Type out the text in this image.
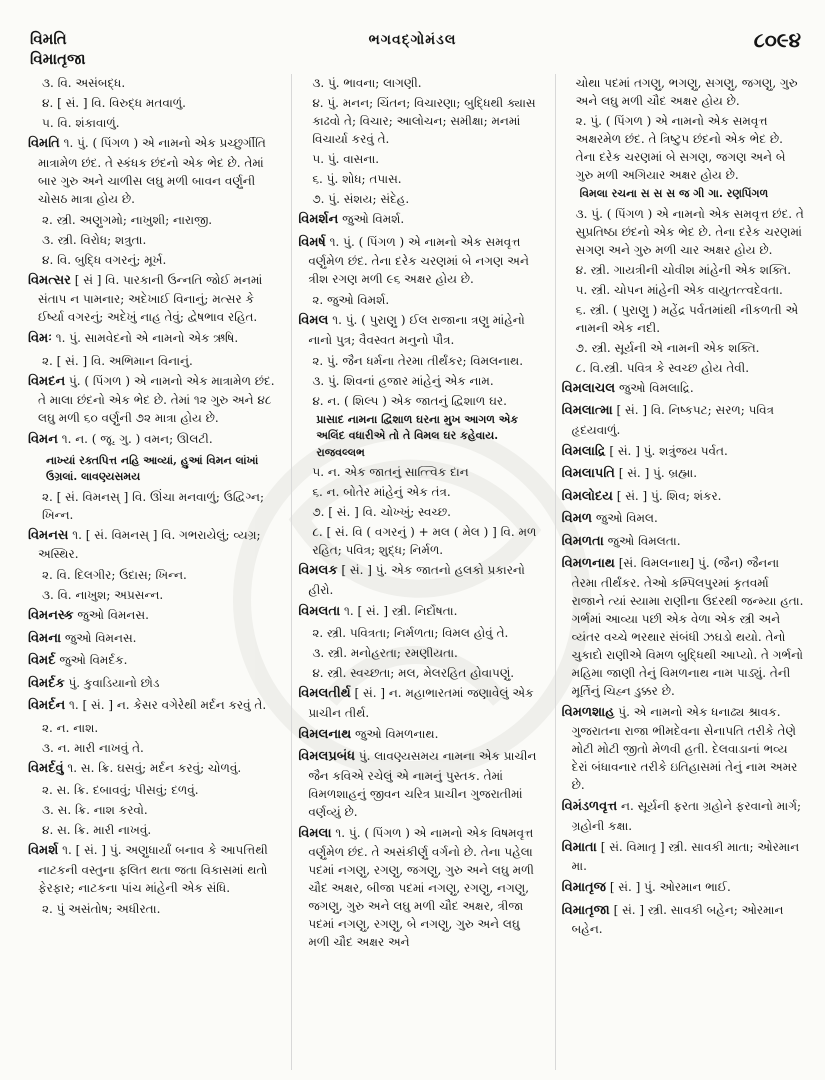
વિમતિ
વિમાતૃજા
ભગવદ્ગોમંડલ	૮૦૯૪
૩. વિ. અસંબદ્ધ.
૪. [ સં. ] વિ. વિરુદ્ધ મતવાળું.
૫. વિ. શંકાવાળું.
વિમતિ ૧. પું. ( પિંગળ ) એ નામનો એક પ્રચ્છુર્ગીતિ માત્રામેળ છંદ. તે સ્કંધક છંદનો એક ભેદ છે. તેમાં બાર ગુરુ અને ચાળીસ લઘુ મળી બાવન વર્ણુની ચોસઠ માત્રા હોય છે.
૨. સ્ત્રી. અણુગમો; નાખુશી; નારાજી.
૩. સ્ત્રી. વિરોધ; શત્રુતા.
૪. વિ. બુદ્ધિ વગરનું; મૂર્ખ.
વિમત્સર [ સં ] વિ. પારકાની ઉન્નતિ જોઈ મનમાં સંતાપ ન પામનાર; અદેખાઈ વિનાનું; મત્સર કે ઈર્ષ્યા વગરનું; અદેખું નાહ તેવું; દ્વેષભાવ રહિત.
વિમઃ ૧. પું. સામવેદનો એ નામનો એક ઋષિ.
૨. [ સં. ] વિ. અભિમાન વિનાનું.
વિમદન પું. ( પિંગળ ) એ નામનો એક માત્રામેળ છંદ. તે માલા છંદનો એક ભેદ છે. તેમાં ૧૨ ગુરુ અને ૪૮ લઘુ મળી ૬૦ વર્ણુની ૭૨ માત્રા હોય છે.
વિમન ૧. ન. ( જૂ. ગુ. ) વમન; ઊલટી.
નાખ્યાં રક્તપિત્ત નહિ આવ્યાં, હુઆં વિમન લાંખાં ઉગ્રલાં. લાવણ્યસમય
૨. [ સં. વિમનસ્ ] વિ. ઊંચા મનવાળું; ઉદ્વિગ્ન; ખિન્ન.
વિમનસ ૧. [ સં. વિમનસ્ ] વિ. ગભરાયેલું; વ્યગ્ર; અસ્થિર.
૨. વિ. દિલગીર; ઉદાસ; ખિન્ન.
૩. વિ. નાખુશ; અપ્રસન્ન.
વિમનસ્ક જુઓ વિમનસ.
વિમના જુઓ વિમનસ.
વિમર્દ જુઓ વિમર્દક.
વિમર્દક પું. કુવાડિયાનો છોડ
વિમર્દન ૧. [ સં. ] ન. કેસર વગેરેથી મર્દન કરવું તે.
૨. ન. નાશ.
૩. ન. મારી નાખવું તે.
વિમર્દવું ૧. સ. ક્રિ. ઘસવું; મર્દન કરવું; ચોળવું.
૨. સ. ક્રિ. દબાવવું; પીસવું; દળવું.
૩. સ. ક્રિ. નાશ કરવો.
૪. સ. ક્રિ. મારી નાખવું.
વિમર્શ ૧. [ સં. ] પું. અણુધાર્યાં બનાવ કે આપત્તિથી નાટકની વસ્તુના ફલિત થતા જતા વિકાસમાં થતો ફેરફાર; નાટકના પાંચ માંહેની એક સંધિ.
૨. પું અસંતોષ; અધીરતા.
૩. પું. ભાવના; લાગણી.
૪. પું. મનન; ચિંતન; વિચારણા; બુદ્ધિથી ક્યાસ કાઢવો તે; વિચાર; આલોચન; સમીક્ષા; મનમાં વિચાર્યા કરવું તે.
૫. પું. વાસના.
૬. પું. શોધ; તપાસ.
૭. પું. સંશય; સંદેહ.
વિમર્શન જુઓ વિમર્શ.
વિમર્ષ ૧. પું. ( પિંગળ ) એ નામનો એક સમવૃત્ત વર્ણુમેળ છંદ. તેના દરેક ચરણમાં બે નગણ અને ત્રીશ રગણ મળી ૯૬ અક્ષર હોય છે.
૨. જુઓ વિમર્શ.
વિમલ ૧. પું. ( પુરાણુ ) ઈલ રાજાના ત્રણુ માંહેનો નાનો પુત્ર; વૈવસ્વત મનુનો પૌત્ર.
૨. પું. જૈન ધર્મના તેરમા તીર્થંકર; વિમલનાથ.
૩. પું. શિવનાં હજાર માંહેનું એક નામ.
૪. ન. ( શિલ્પ ) એક જાતનું દ્વિશાળ ઘર.
પ્રાસાદ નામના દ્વિશાળ ઘરના મુખ આગળ એક અલિંદ વધારીએ તો તે વિમલ ઘર કહેવાય. રાજવલ્લભ
૫. ન. એક જાતનું સાત્ત્વિક દાન
૬. ન. બોતેર માંહેનું એક તંત્ર.
૭. [ સં. ] વિ. ચોખ્ખું; સ્વચ્છ.
૮. [ સં. વિ ( વગરનું ) + મલ ( મેલ ) ] વિ. મળ રહિત; પવિત્ર; શુદ્ધ; નિર્મળ.
વિમલક [ સં. ] પું. એક જાતનો હલકો પ્રકારનો હીરો.
વિમલતા ૧. [ સં. ] સ્ત્રી. નિર્દોષતા.
૨. સ્ત્રી. પવિત્રતા; નિર્મળતા; વિમલ હોવું તે.
૩. સ્ત્રી. મનોહરતા; રમણીયતા.
૪. સ્ત્રી. સ્વચ્છતા; મલ, મેલરહિત હોવાપણું.
વિમલતીર્થ [ સં. ] ન. મહાભારતમાં જણાવેલું એક પ્રાચીન તીર્થ.
વિમલનાથ જુઓ વિમળનાથ.
વિમલપ્રબંધ પું. લાવણ્યસમય નામના એક પ્રાચીન જૈન કવિએ રચેલું એ નામનું પુસ્તક. તેમાં વિમળશાહનું જીવન ચરિત્ર પ્રાચીન ગુજરાતીમાં વર્ણવ્યું છે.
વિમલા ૧. પું. ( પિંગળ ) એ નામનો એક વિષમવૃત્ત વર્ણુમેળ છંદ. તે અસંકીર્ણુ વર્ગનો છે. તેના પહેલા પદમાં નગણુ, રગણુ, જગણુ, ગુરુ અને લઘુ મળી ચૌદ અક્ષર, બીજા પદમાં નગણુ, રગણુ, નગણુ, જગણુ, ગુરુ અને લઘુ મળી ચૌદ અક્ષર, ત્રીજા પદમાં નગણુ, રગણુ, બે નગણુ, ગુરુ અને લઘુ મળી ચૌદ અક્ષર અને
ચોથા પદમાં તગણુ, ભગણુ, સગણુ, જગણુ, ગુરુ અને લઘુ મળી ચૌદ અક્ષર હોય છે.
૨. પું. ( પિંગળ ) એ નામનો એક સમવૃત્ત અક્ષરમેળ છંદ. તે ત્રિષ્ટુપ છંદનો એક ભેદ છે. તેના દરેક ચરણમાં બે સગણ, જગણ અને બે ગુરુ મળી અગિયાર અક્ષર હોય છે.
વિમલા રચના સ સ સ જ ગી ગા. રણપિંગળ
૩. પું. ( પિંગળ ) એ નામનો એક સમવૃત્ત છંદ. તે સુપ્રતિષ્ઠા છંદનો એક ભેદ છે. તેના દરેક ચરણમાં સગણ અને ગુરુ મળી ચાર અક્ષર હોય છે.
૪. સ્ત્રી. ગાયત્રીની ચોવીશ માંહેની એક શક્તિ.
૫. સ્ત્રી. ચોપન માંહેની એક વાયુતત્ત્વદેવતા.
૬. સ્ત્રી. ( પુરાણુ ) મહેંદ્ર પર્વતમાંથી નીકળતી એ નામની એક નદી.
૭. સ્ત્રી. સૂર્યની એ નામની એક શક્તિ.
૮. વિ.સ્ત્રી. પવિત્ર કે સ્વચ્છ હોય તેવી.
વિમલાચલ જુઓ વિમલાદ્રિ.
વિમલાત્મા [ સં. ] વિ. નિષ્કપટ; સરળ; પવિત્ર હૃદયવાળું.
વિમલાદ્રિ [ સં. ] પું. શત્રુંજય પર્વત.
વિમલાપતિ [ સં. ] પું. બ્રહ્મા.
વિમલોદય [ સં. ] પું. શિવ; શંકર.
વિમળ જુઓ વિમલ.
વિમળતા જુઓ વિમલતા.
વિમળનાથ [સં. વિમલનાથ] પું. (જૈન) જૈનના તેરમા તીર્થંકર. તેઓ કમ્પિલપુરમાં કૃતવર્મા રાજાને ત્યાં સ્યામા રાણીના ઉદરથી જન્મ્યા હતા. ગર્ભમાં આવ્યા પછી એક વેળા એક સ્ત્રી અને વ્યંતર વચ્ચે ભરથાર સંબંધી ઝઘડો થયો. તેનો ચુકાદો રાણીએ વિમળ બુદ્ધિથી આપ્યો. તે ગર્ભનો મહિમા જાણી તેનું વિમળનાથ નામ પાડ્યું. તેની મૂર્તિનું ચિહ્ન ડુક્કર છે.
વિમળશાહ પું. એ નામનો એક ધનાઢ્ય શ્રાવક. ગુજરાતના રાજા ભીમદેવના સેનાપતિ તરીકે તેણે મોટી મોટી જીતો મેળવી હતી. દેલવાડાનાં ભવ્ય દેરાં બંધાવનાર તરીકે ઇતિહાસમાં તેનું નામ અમર છે.
વિમંડળવૃત્ત ન. સૂર્યની ફરતા ગ્રહોને ફરવાનો માર્ગ; ગ્રહોની કક્ષા.
વિમાતા [ સં. વિમાતૃ ] સ્ત્રી. સાવકી માતા; ઓરમાન મા.
વિમાતૃજ [ સં. ] પું. ઓરમાન ભાઈ.
વિમાતૃજા [ સં. ] સ્ત્રી. સાવકી બહેન; ઓરમાન બહેન.
